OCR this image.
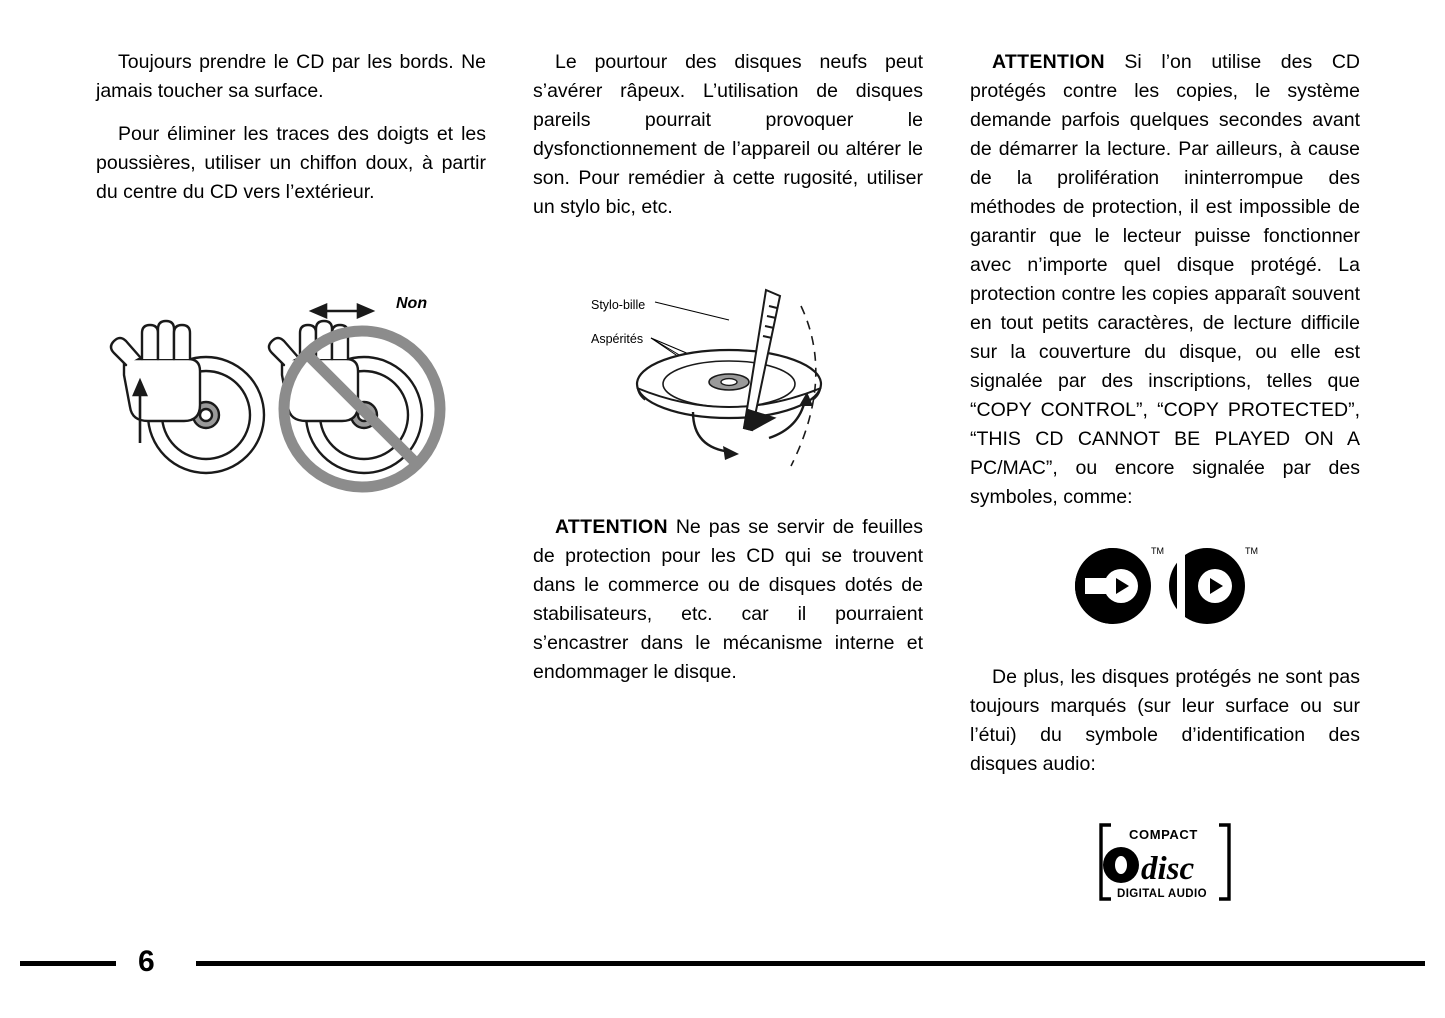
Toujours prendre le CD par les bords. Ne jamais toucher sa surface.

Pour éliminer les traces des doigts et les poussières, utiliser un chiffon doux, à partir du centre du CD vers l’extérieur.

Non

Le pourtour des disques neufs peut s’avérer râpeux. L’utilisation de disques pareils pourrait provoquer le dysfonctionnement de l’appareil ou altérer le son. Pour remédier à cette rugosité, utiliser un stylo bic, etc.

Stylo-bille
Aspérités

ATTENTION Ne pas se servir de feuilles de protection pour les CD qui se trouvent dans le commerce ou de disques dotés de stabilisateurs, etc. car il pourraient s’encastrer dans le mécanisme interne et endommager le disque.

ATTENTION Si l’on utilise des CD protégés contre les copies, le système demande parfois quelques secondes avant de démarrer la lecture. Par ailleurs, à cause de la prolifération ininterrompue des méthodes de protection, il est impossible de garantir que le lecteur puisse fonctionner avec n’importe quel disque protégé. La protection contre les copies apparaît souvent en tout petits caractères, de lecture difficile sur la couverture du disque, ou elle est signalée par des inscriptions, telles que “COPY CONTROL”, “COPY PROTECTED”, “THIS CD CANNOT BE PLAYED ON A PC/MAC”, ou encore signalée par des symboles, comme:

TM	TM

De plus, les disques protégés ne sont pas toujours marqués (sur leur surface ou sur l’étui) du symbole d’identification des disques audio:

COMPACT
disc
DIGITAL AUDIO
6
